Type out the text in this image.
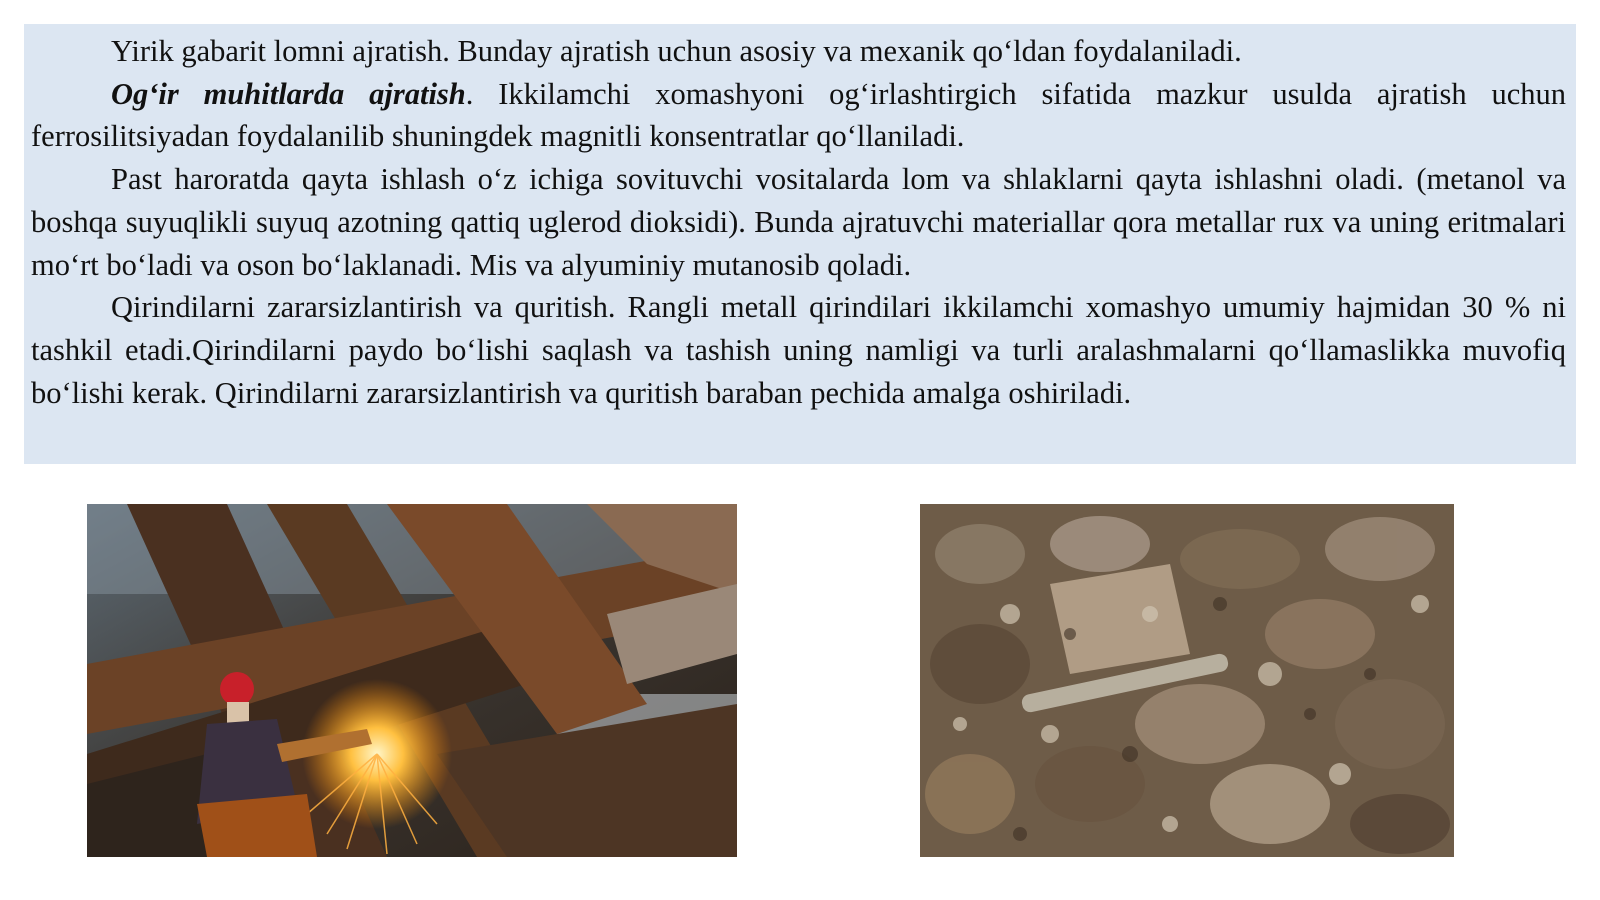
Yirik gabarit lomni ajratish. Bunday ajratish uchun asosiy va mexanik qo‘ldan foydalaniladi.

Og‘ir muhitlarda ajratish. Ikkilamchi xomashyoni og‘irlashtirgich sifatida mazkur usulda ajratish uchun ferrosilitsiyadan foydalanilib shuningdek magnitli konsentratlar qo‘llaniladi.

Past haroratda qayta ishlash o‘z ichiga sovituvchi vositalarda lom va shlaklarni qayta ishlashni oladi. (metanol va boshqa suyuqlikli suyuq azotning qattiq uglerod dioksidi). Bunda ajratuvchi materiallar qora metallar rux va uning eritmalari mo‘rt bo‘ladi va oson bo‘laklanadi. Mis va alyuminiy mutanosib qoladi.

Qirindilarni zararsizlantirish va quritish. Rangli metall qirindilari ikkilamchi xomashyo umumiy hajmidan 30 % ni tashkil etadi.Qirindilarni paydo bo‘lishi saqlash va tashish uning namligi va turli aralashmalarni qo‘llamaslikka muvofiq bo‘lishi kerak. Qirindilarni zararsizlantirish va quritish baraban pechida amalga oshiriladi.
